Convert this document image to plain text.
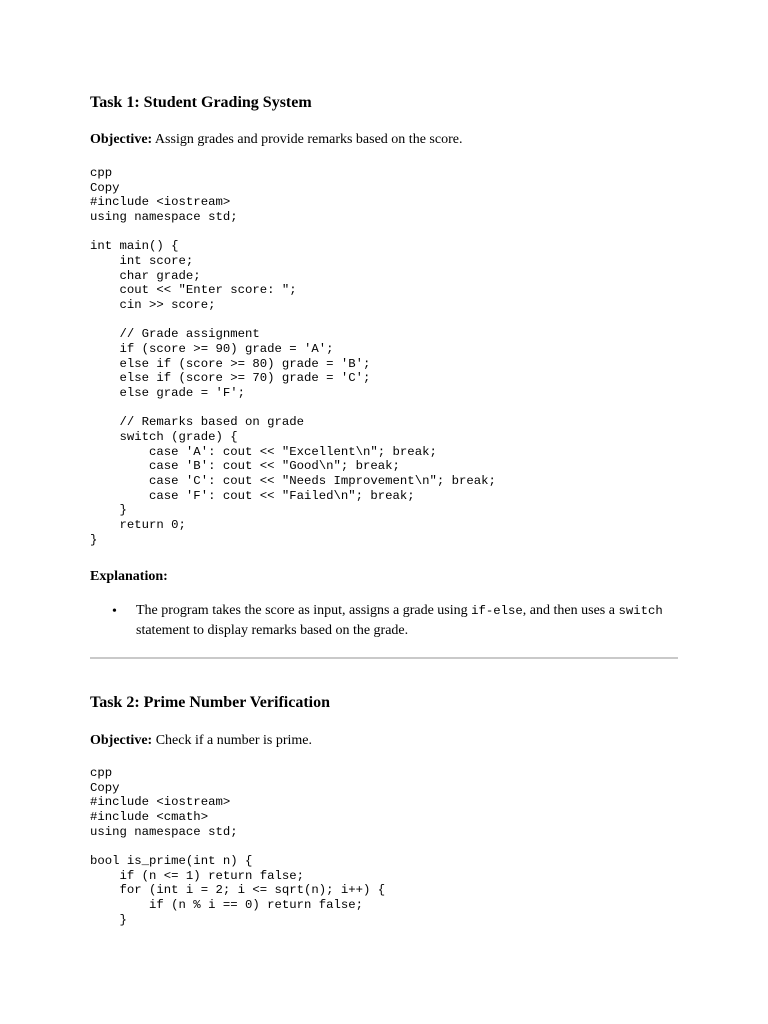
Task 1: Student Grading System

Objective: Assign grades and provide remarks based on the score.

cpp
Copy
#include <iostream>
using namespace std;

int main() {
int score;
char grade;
cout << "Enter score: ";
cin >> score;

// Grade assignment
if (score >= 90) grade = 'A';
else if (score >= 80) grade = 'B';
else if (score >= 70) grade = 'C';
else grade = 'F';

// Remarks based on grade
switch (grade) {
case 'A': cout << "Excellent\n"; break;
case 'B': cout << "Good\n"; break;
case 'C': cout << "Needs Improvement\n"; break;
case 'F': cout << "Failed\n"; break;
}
return 0;
}

Explanation:

• The program takes the score as input, assigns a grade using if-else, and then uses a switch statement to display remarks based on the grade.

Task 2: Prime Number Verification

Objective: Check if a number is prime.

cpp
Copy
#include <iostream>
#include <cmath>
using namespace std;

bool is_prime(int n) {
if (n <= 1) return false;
for (int i = 2; i <= sqrt(n); i++) {
if (n % i == 0) return false;
}
